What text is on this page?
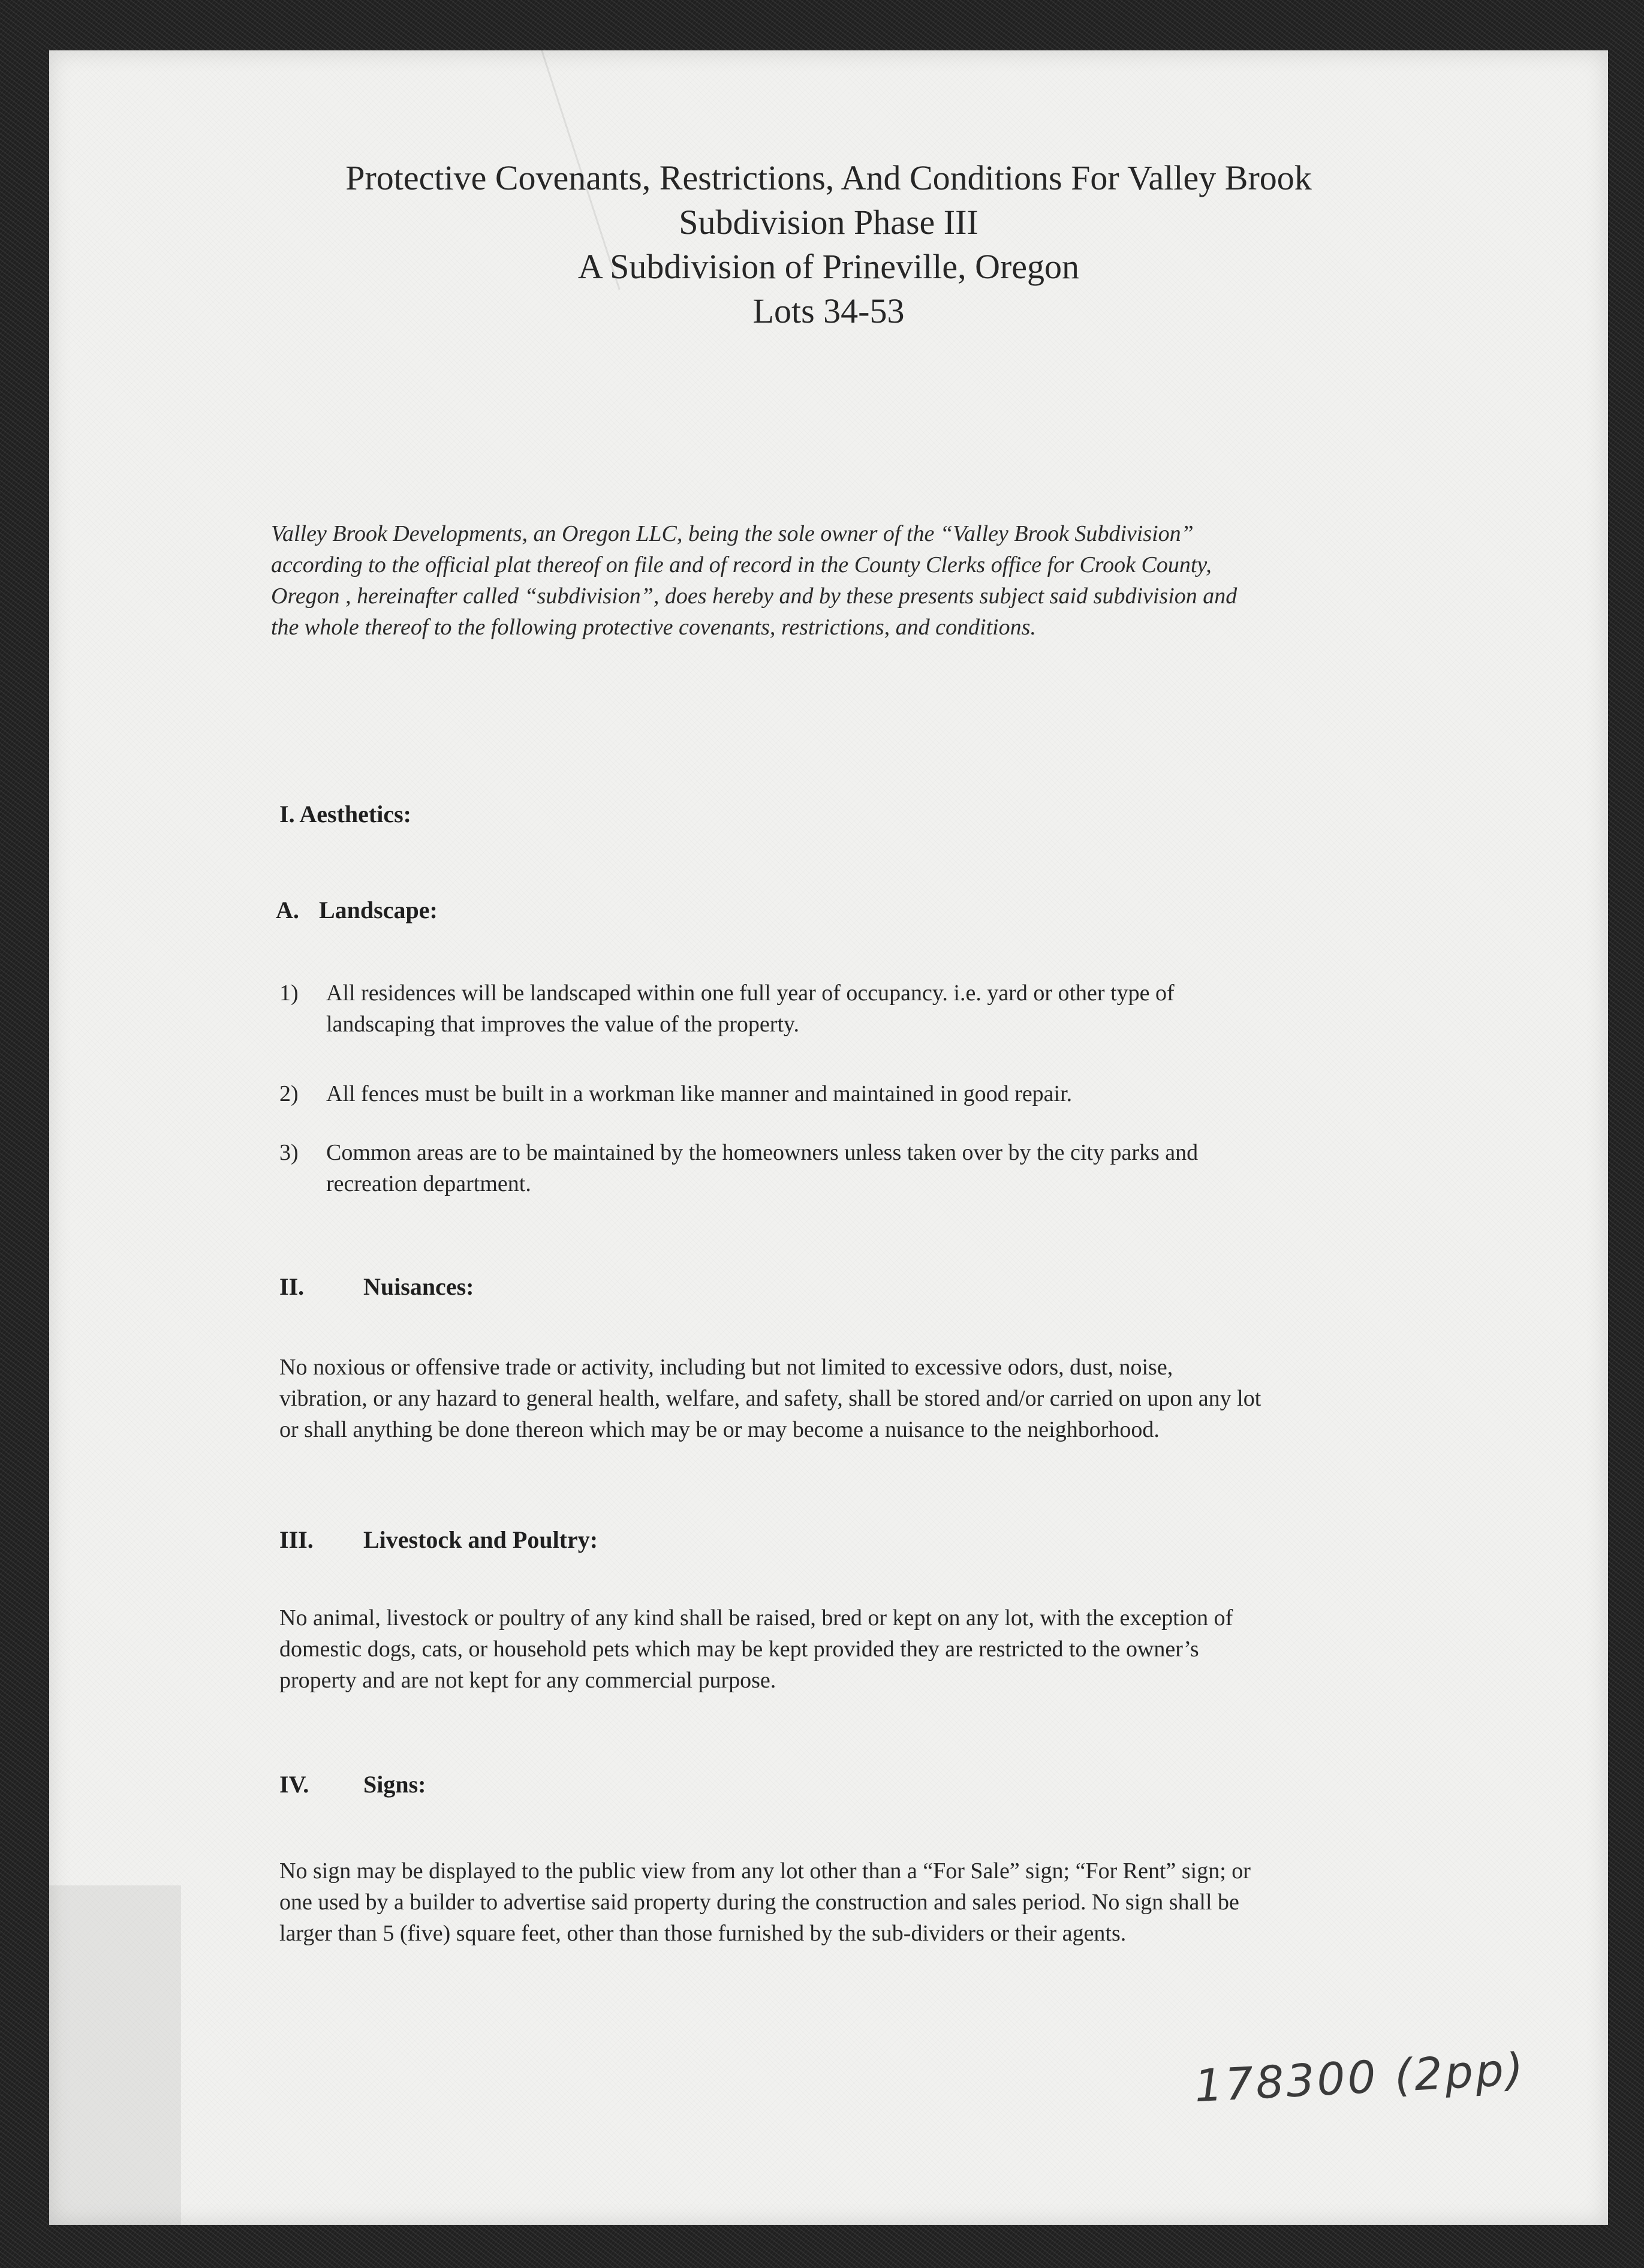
Protective Covenants, Restrictions, And Conditions For Valley Brook
Subdivision Phase III
A Subdivision of Prineville, Oregon
Lots 34-53
Valley Brook Developments, an Oregon LLC, being the sole owner of the “Valley Brook Subdivision”
according to the official plat thereof on file and of record in the County Clerks office for Crook County,
Oregon , hereinafter called “subdivision”, does hereby and by these presents subject said subdivision and
the whole thereof to the following protective covenants, restrictions, and conditions.
I. Aesthetics:
A. Landscape:
1) All residences will be landscaped within one full year of occupancy. i.e. yard or other type of
landscaping that improves the value of the property.
2) All fences must be built in a workman like manner and maintained in good repair.
3) Common areas are to be maintained by the homeowners unless taken over by the city parks and
recreation department.
II. Nuisances:
No noxious or offensive trade or activity, including but not limited to excessive odors, dust, noise,
vibration, or any hazard to general health, welfare, and safety, shall be stored and/or carried on upon any lot
or shall anything be done thereon which may be or may become a nuisance to the neighborhood.
III. Livestock and Poultry:
No animal, livestock or poultry of any kind shall be raised, bred or kept on any lot, with the exception of
domestic dogs, cats, or household pets which may be kept provided they are restricted to the owner’s
property and are not kept for any commercial purpose.
IV. Signs:
No sign may be displayed to the public view from any lot other than a “For Sale” sign; “For Rent” sign; or
one used by a builder to advertise said property during the construction and sales period. No sign shall be
larger than 5 (five) square feet, other than those furnished by the sub-dividers or their agents.
178300 (2pp)
